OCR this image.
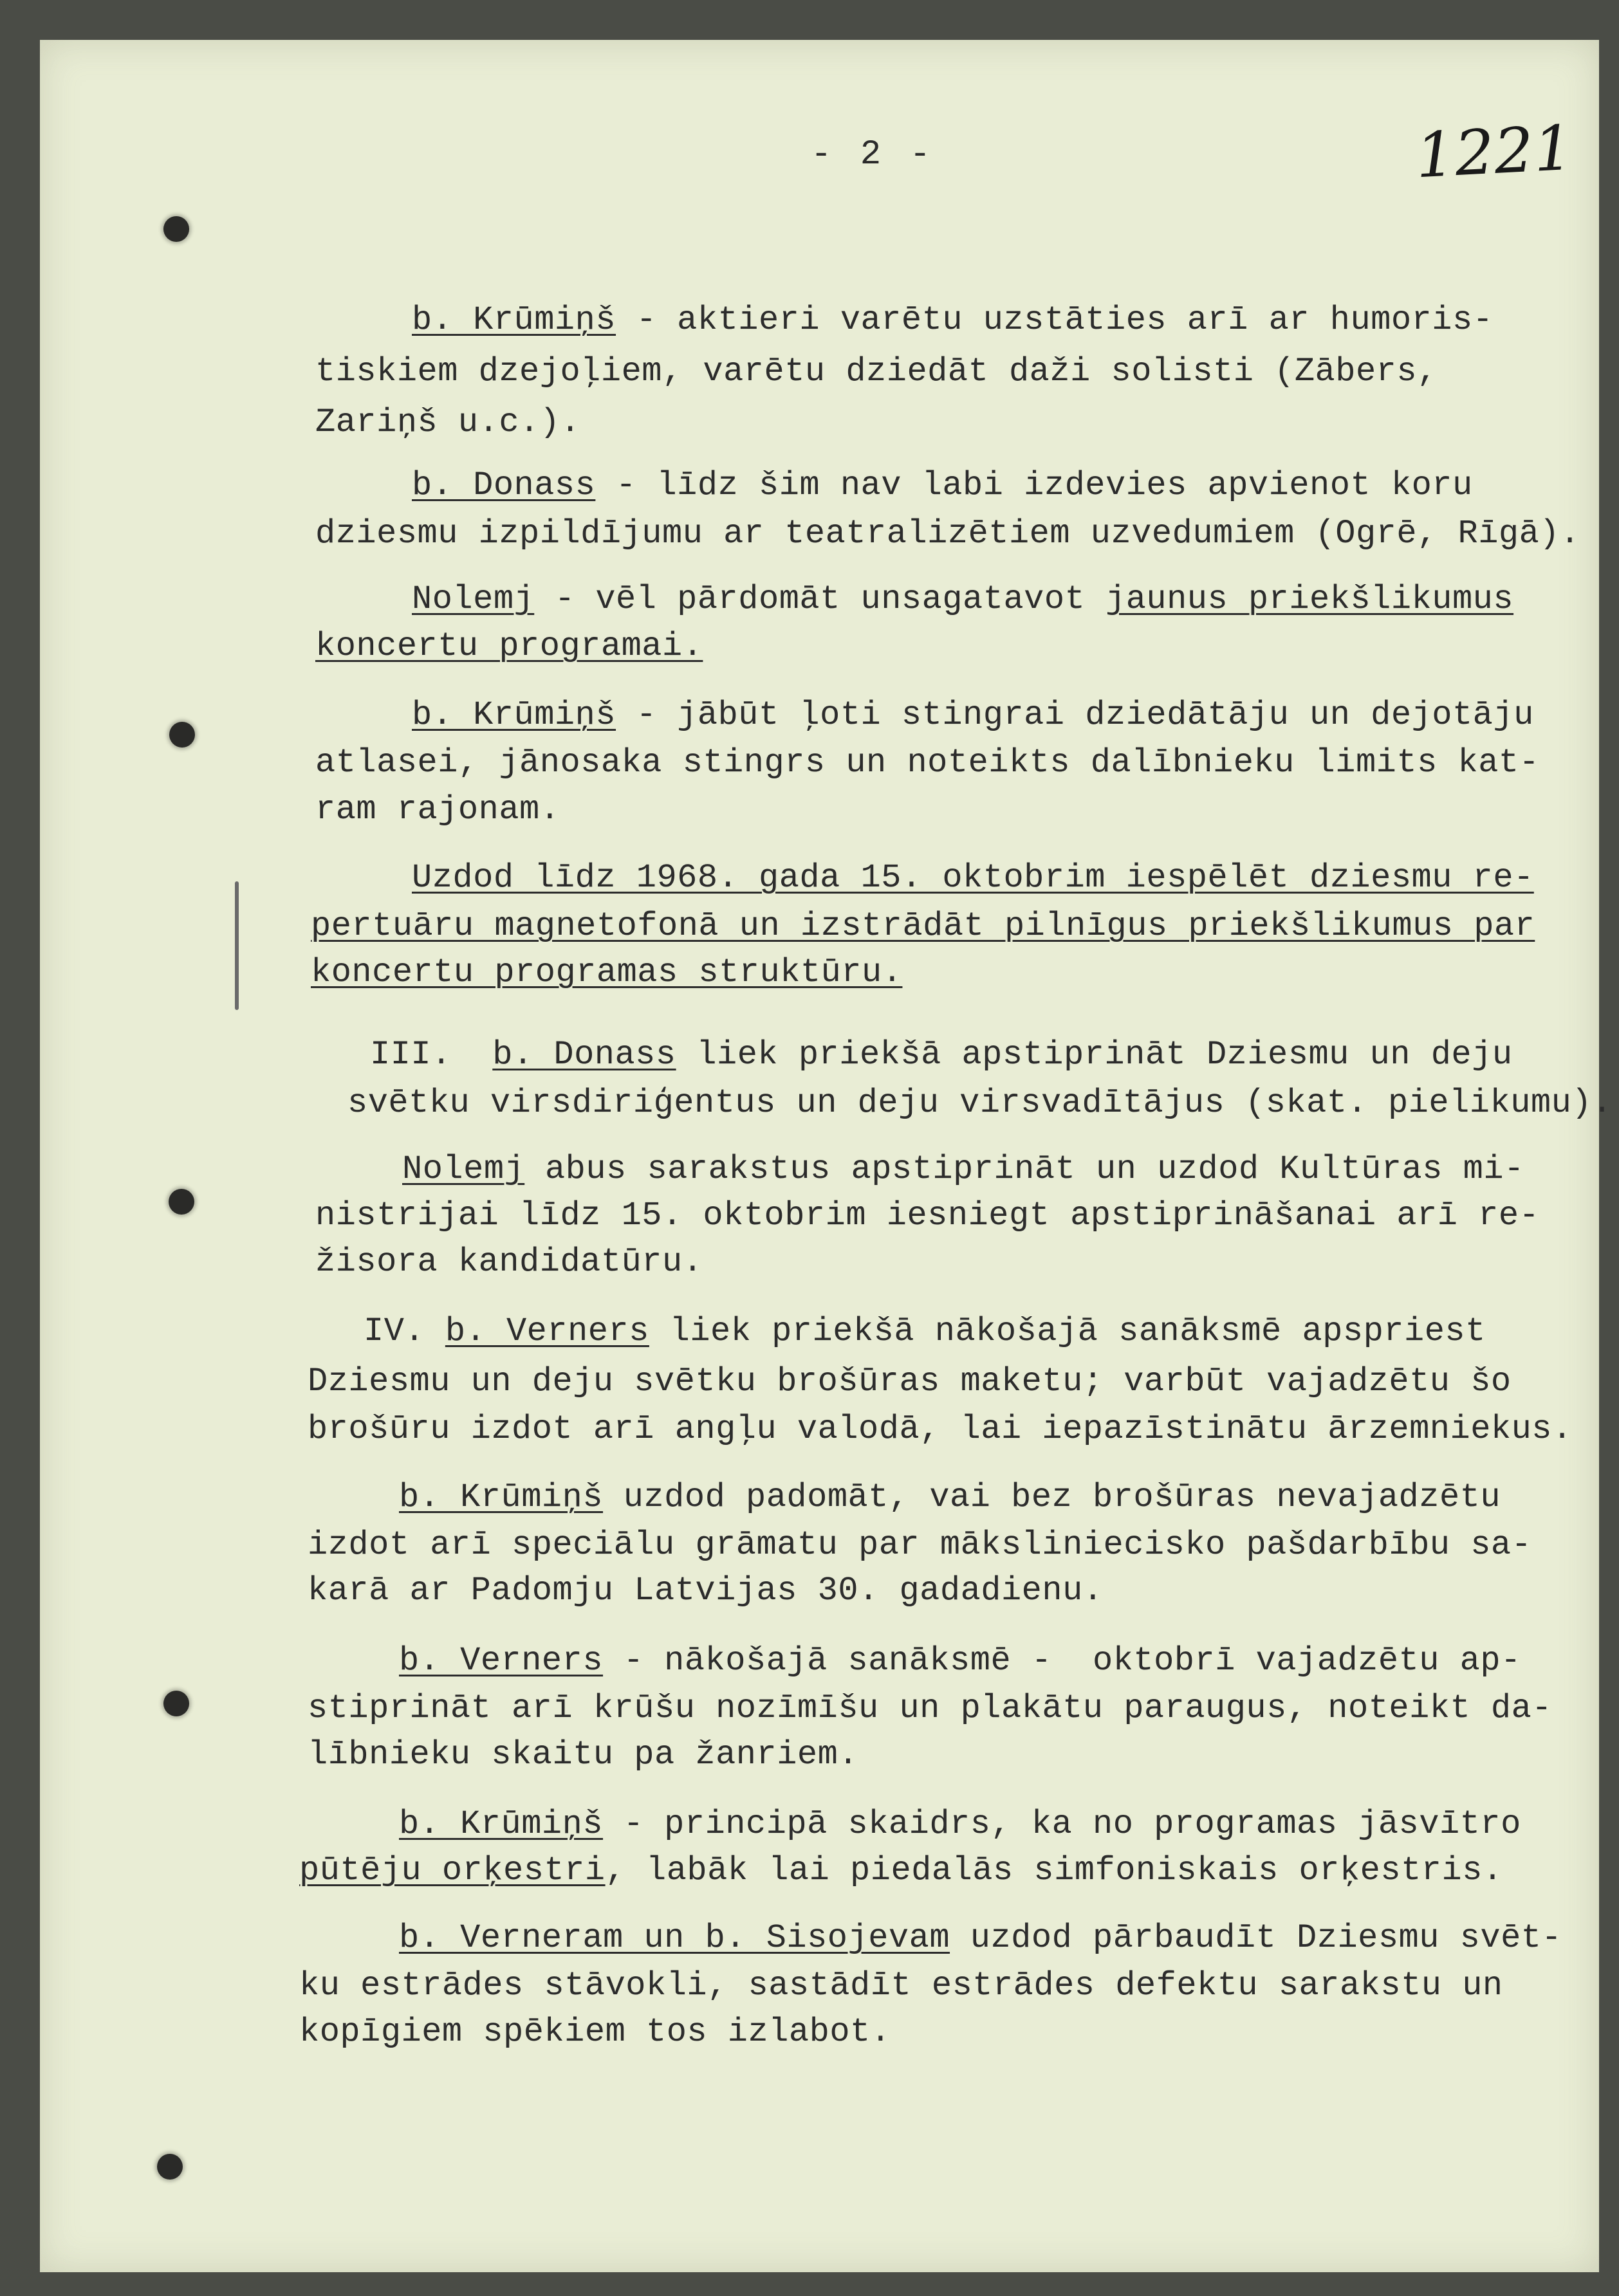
- 2 -	1221
b. Krūmiņš - aktieri varētu uzstāties arī ar humoris-
tiskiem dzejoļiem, varētu dziedāt daži solisti (Zābers,
Zariņš u.c.).
b. Donass - līdz šim nav labi izdevies apvienot koru
dziesmu izpildījumu ar teatralizētiem uzvedumiem (Ogrē, Rīgā).
Nolemj - vēl pārdomāt unsagatavot jaunus priekšlikumus
koncertu programai.
b. Krūmiņš - jābūt ļoti stingrai dziedātāju un dejotāju
atlasei, jānosaka stingrs un noteikts dalībnieku limits kat-
ram rajonam.
Uzdod līdz 1968. gada 15. oktobrim iespēlēt dziesmu re-
pertuāru magnetofonā un izstrādāt pilnīgus priekšlikumus par
koncertu programas struktūru.
III. b. Donass liek priekšā apstiprināt Dziesmu un deju
svētku virsdiriģentus un deju virsvadītājus (skat. pielikumu).
Nolemj abus sarakstus apstiprināt un uzdod Kultūras mi-
nistrijai līdz 15. oktobrim iesniegt apstiprināšanai arī re-
žisora kandidatūru.
IV. b. Verners liek priekšā nākošajā sanāksmē apspriest
Dziesmu un deju svētku brošūras maketu; varbūt vajadzētu šo
brošūru izdot arī angļu valodā, lai iepazīstinātu ārzemniekus.
b. Krūmiņš uzdod padomāt, vai bez brošūras nevajadzētu
izdot arī speciālu grāmatu par mākslinieciskо pašdarbību sa-
karā ar Padomju Latvijas 30. gadadienu.
b. Verners - nākošajā sanāksmē -  oktobrī vajadzētu ap-
stiprināt arī krūšu nozīmīšu un plakātu paraugus, noteikt da-
lībnieku skaitu pa žanriem.
b. Krūmiņš - principā skaidrs, ka no programas jāsvītro
pūtēju orķestri, labāk lai piedalās simfoniskais orķestris.
b. Verneram un b. Sisojevam uzdod pārbaudīt Dziesmu svēt-
ku estrādes stāvokli, sastādīt estrādes defektu sarakstu un
kopīgiem spēkiem tos izlabot.
